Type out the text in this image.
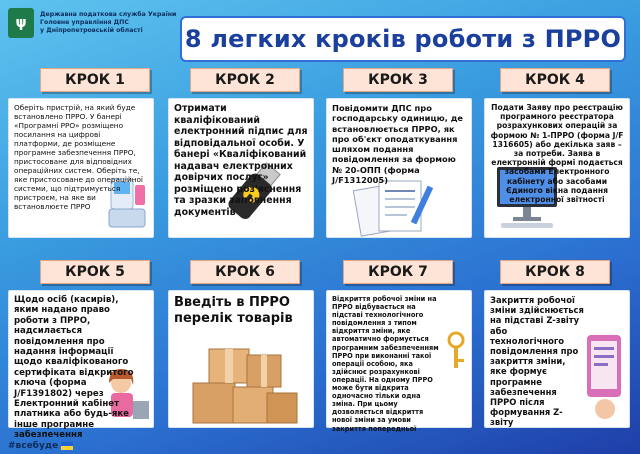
ψ
Державна податкова служба України
Головне управління ДПС
у Дніпропетровській області	8 легких кроків роботи з ПРРО
КРОК 1	КРОК 2	КРОК 3	КРОК 4

Оберіть пристрій, на який буде встановлено ПРРО. У банері «Програмні РРО» розміщено посилання на цифрові платформи, де розміщене програмне забезпечення ПРРО, пристосоване для відповідних операційних систем. Оберіть те, яке пристосоване до операційної системи, що підтримується пристроєм, на яке ви встановлюєте ПРРО

Отримати кваліфікований електронний підпис для відповідальної особи. У банері «Кваліфікований надавач електронних довірчих послуг» розміщено роз'яснення та зразки заповнення документів

Повідомити ДПС про господарську одиницю, де встановлюється ПРРО, як про об'єкт оподаткування шляхом подання повідомлення за формою № 20-ОПП (форма J/F1312005)

Подати Заяву про реєстрацію програмного реєстратора розрахункових операцій за формою № 1-ПРРО (форма J/F 1316605) або декілька заяв – за потреби. Заява в електронній формі подається засобами Електронного кабінету або засобами Єдиного вікна подання електронної звітності

КРОК 5	КРОК 6	КРОК 7	КРОК 8

Щодо осіб (касирів), яким надано право роботи з ПРРО, надсилається повідомлення про надання інформації щодо кваліфікованого сертифіката відкритого ключа (форма J/F1391802) через Електронний кабінет платника або будь-яке інше програмне забезпечення

Введіть в ПРРО перелік товарів

Відкриття робочої зміни на ПРРО відбувається на підставі технологічного повідомлення з типом відкриття зміни, яке автоматично формується програмним забезпеченням ПРРО при виконанні такої операції особою, яка здійснює розрахункові операції. На одному ПРРО може бути відкрита одночасно тільки одна зміна. При цьому дозволяється відкриття нової зміни за умови закриття попередньої

Закриття робочої зміни здійснюється на підставі Z-звіту або технологічного повідомлення про закриття зміни, яке формує програмне забезпечення ПРРО після формування Z-звіту

#всебуде
